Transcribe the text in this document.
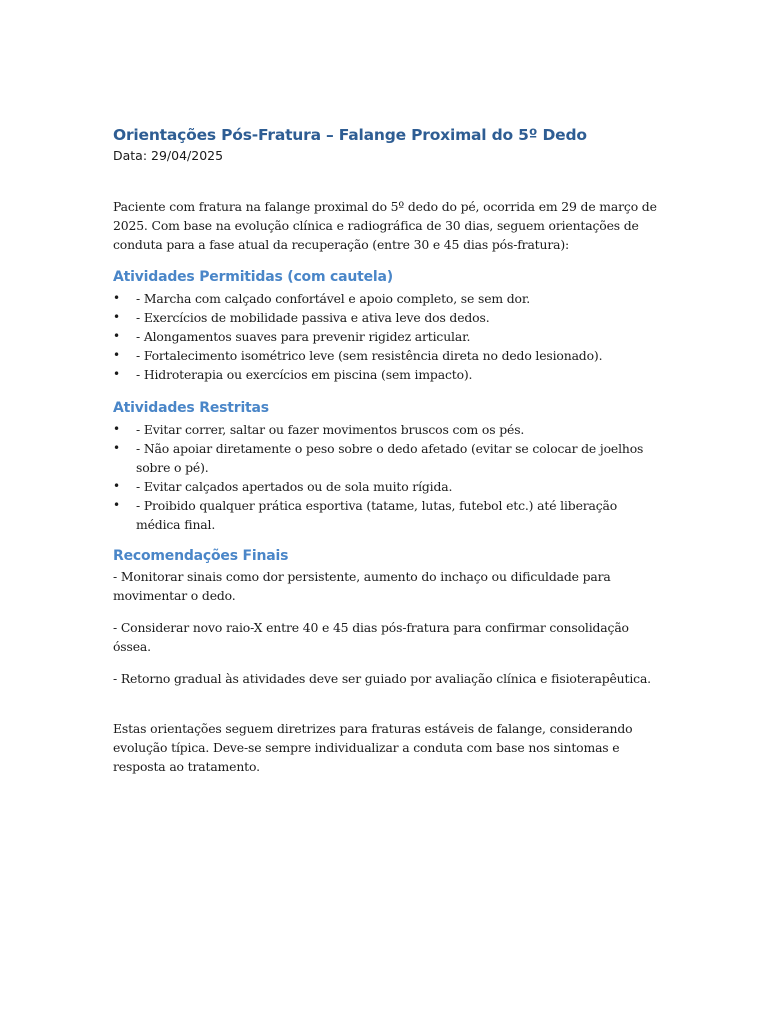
Orientações Pós-Fratura – Falange Proximal do 5º Dedo
Data: 29/04/2025

Paciente com fratura na falange proximal do 5º dedo do pé, ocorrida em 29 de março de 2025. Com base na evolução clínica e radiográfica de 30 dias, seguem orientações de conduta para a fase atual da recuperação (entre 30 e 45 dias pós-fratura):

Atividades Permitidas (com cautela)
• - Marcha com calçado confortável e apoio completo, se sem dor.
• - Exercícios de mobilidade passiva e ativa leve dos dedos.
• - Alongamentos suaves para prevenir rigidez articular.
• - Fortalecimento isométrico leve (sem resistência direta no dedo lesionado).
• - Hidroterapia ou exercícios em piscina (sem impacto).
Atividades Restritas
• - Evitar correr, saltar ou fazer movimentos bruscos com os pés.
• - Não apoiar diretamente o peso sobre o dedo afetado (evitar se colocar de joelhos sobre o pé).
• - Evitar calçados apertados ou de sola muito rígida.
• - Proibido qualquer prática esportiva (tatame, lutas, futebol etc.) até liberação médica final.
Recomendações Finais

- Monitorar sinais como dor persistente, aumento do inchaço ou dificuldade para movimentar o dedo.

- Considerar novo raio-X entre 40 e 45 dias pós-fratura para confirmar consolidação óssea.

- Retorno gradual às atividades deve ser guiado por avaliação clínica e fisioterapêutica.

Estas orientações seguem diretrizes para fraturas estáveis de falange, considerando evolução típica. Deve-se sempre individualizar a conduta com base nos sintomas e resposta ao tratamento.
